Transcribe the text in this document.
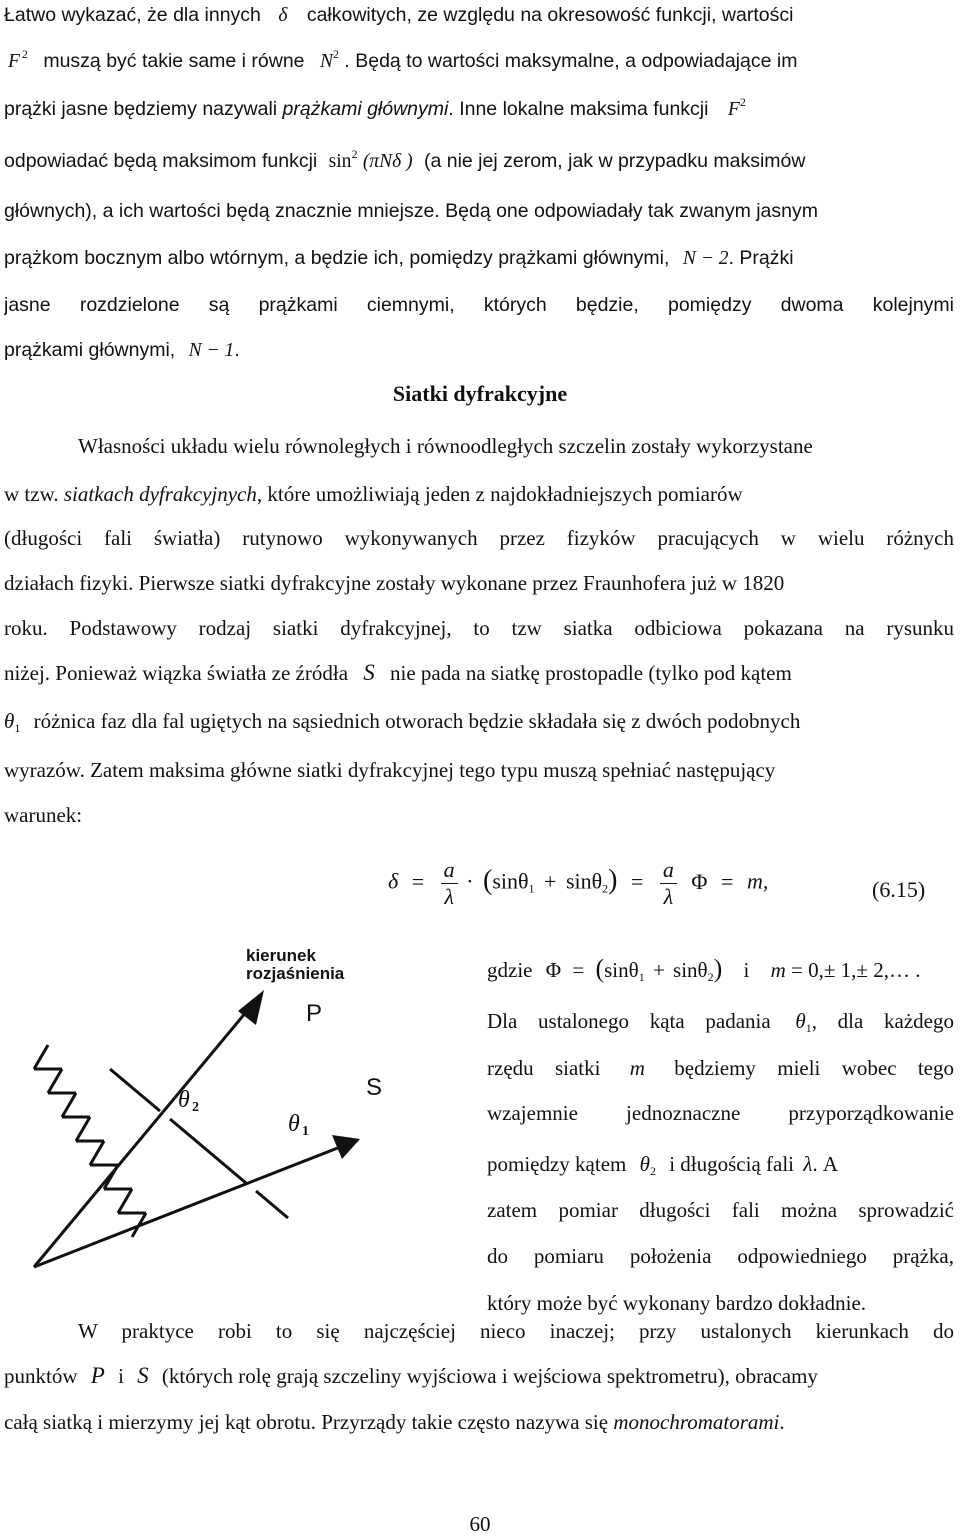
Łatwo wykazać, że dla innych δ całkowitych, ze względu na okresowość funkcji, wartości
F $^2$ muszą być takie same i równe $N^2$ . Będą to wartości maksymalne, a odpowiadające im
prążki jasne będziemy nazywali prążkami głównymi. Inne lokalne maksima funkcji $F^2$
odpowiadać będą maksimom funkcji $\sin^2 (\pi N\delta$ ) (a nie jej zerom, jak w przypadku maksimów
głównych), a ich wartości będą znacznie mniejsze. Będą one odpowiadały tak zwanym jasnym
prążkom bocznym albo wtórnym, a będzie ich, pomiędzy prążkami głównymi, N − 2. Prążki
jasne rozdzielone są prążkami ciemnymi, których będzie, pomiędzy dwoma kolejnymi
prążkami głównymi, N − 1.
Siatki dyfrakcyjne
Własności układu wielu równoległych i równoodległych szczelin zostały wykorzystane
w tzw. siatkach dyfrakcyjnych, które umożliwiają jeden z najdokładniejszych pomiarów
(długości fali światła) rutynowo wykonywanych przez fizyków pracujących w wielu różnych
działach fizyki. Pierwsze siatki dyfrakcyjne zostały wykonane przez Fraunhofera już w 1820
roku. Podstawowy rodzaj siatki dyfrakcyjnej, to tzw siatka odbiciowa pokazana na rysunku
niżej. Ponieważ wiązka światła ze źródła S nie pada na siatkę prostopadle (tylko pod kątem
$\theta_1$ różnica faz dla fal ugiętych na sąsiednich otworach będzie składała się z dwóch podobnych
wyrazów. Zatem maksima główne siatki dyfrakcyjnej tego typu muszą spełniać następujący
warunek:
$\delta = \frac{a}{\lambda} \cdot (\sin\theta_1 + \sin\theta_2) = \frac{a}{\lambda}$ Φ = m,	(6.15)
gdzie Φ = (sinθ$_1$ + sinθ$_2$) i m = 0,± 1,± 2,… .
kierunek
rozjaśnienia
P
S
θ 2
θ 1
Dla ustalonego kąta padania $\theta_1$, dla każdego
rzędu siatki m będziemy mieli wobec tego
wzajemnie jednoznaczne przyporządkowanie
pomiędzy kątem $\theta_2$ i długością fali λ. A
zatem pomiar długości fali można sprowadzić
do pomiaru położenia odpowiedniego prążka,
który może być wykonany bardzo dokładnie.
W praktyce robi to się najczęściej nieco inaczej; przy ustalonych kierunkach do
punktów P i S (których rolę grają szczeliny wyjściowa i wejściowa spektrometru), obracamy
całą siatką i mierzymy jej kąt obrotu. Przyrządy takie często nazywa się monochromatorami.
60
